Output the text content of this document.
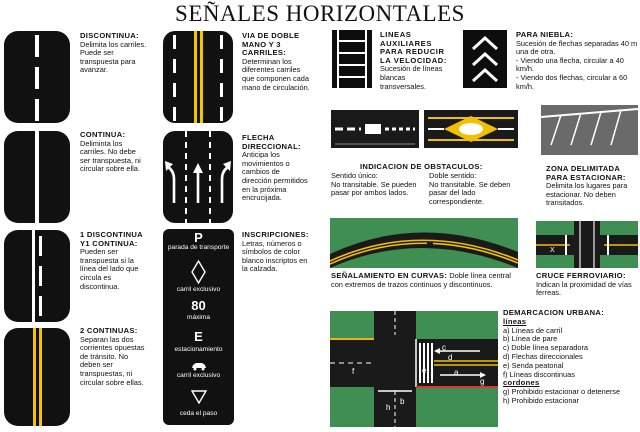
SEÑALES HORIZONTALES
DISCONTINUA:
Delimita los carriles. Puede ser transpuesta para avanzar.
CONTINUA:
Deliminta los carriles. No debe ser transpuesta, ni circular sobre ella.
1 DISCONTINUA Y1 CONTINUA:
Pueden ser transpuesta si la línea del lado que circula es discontinua.
2 CONTINUAS:
Separan las dos corrientes opuestas de tránsito. No deben ser transpuestas, ni circular sobre ellas.
VIA DE DOBLE MANO Y 3 CARRILES:
Determinan los diferentes carriles que componen cada mano de circulación.
FLECHA DIRECCIONAL:
Anticipa los movimientos o cambios de dirección permitidos en la próxima encrucijada.
P
parada de transporte
carril exclusivo
80
máxima
E
estacionamiento
carril exclusivo
ceda el paso
INSCRIPCIONES:
Letras, números o símbolos de color blanco inscriptos en la calzada.
LINEAS AUXILIARES PARA REDUCIR LA VELOCIDAD:
Sucesión de líneas blancas transversales.
PARA NIEBLA:
Sucesión de flechas separadas 40 m una de otra.
- Viendo una flecha, circular a 40 km/h.
- Viendo dos flechas, circular a 60 km/h.
INDICACION DE OBSTACULOS:
Sentido único:
No transitable. Se pueden pasar por ambos lados.
Doble sentido:
No transitable. Se deben pasar del lado correspondiente.
ZONA DELIMITADA PARA ESTACIONAR:
Delimita los lugares para estacionar. No deben transitados.
SEÑALAMIENTO EN CURVAS: Doble línea central con extremos de trazos continuos y discontinuos.
X
CRUCE FERROVIARIO:
Indican la proximidad de vías ferreas.
c
d
e	a
f
g
h
b
DEMARCACION URBANA:
líneas
a) Líneas de carril
b) Línea de pare
c) Doble línea separadora
d) Flechas direccionales
e) Senda peatonal
f) Líneas discontinuas
cordones
g) Prohibido estacionar o detenerse
h) Prohibido estacionar
